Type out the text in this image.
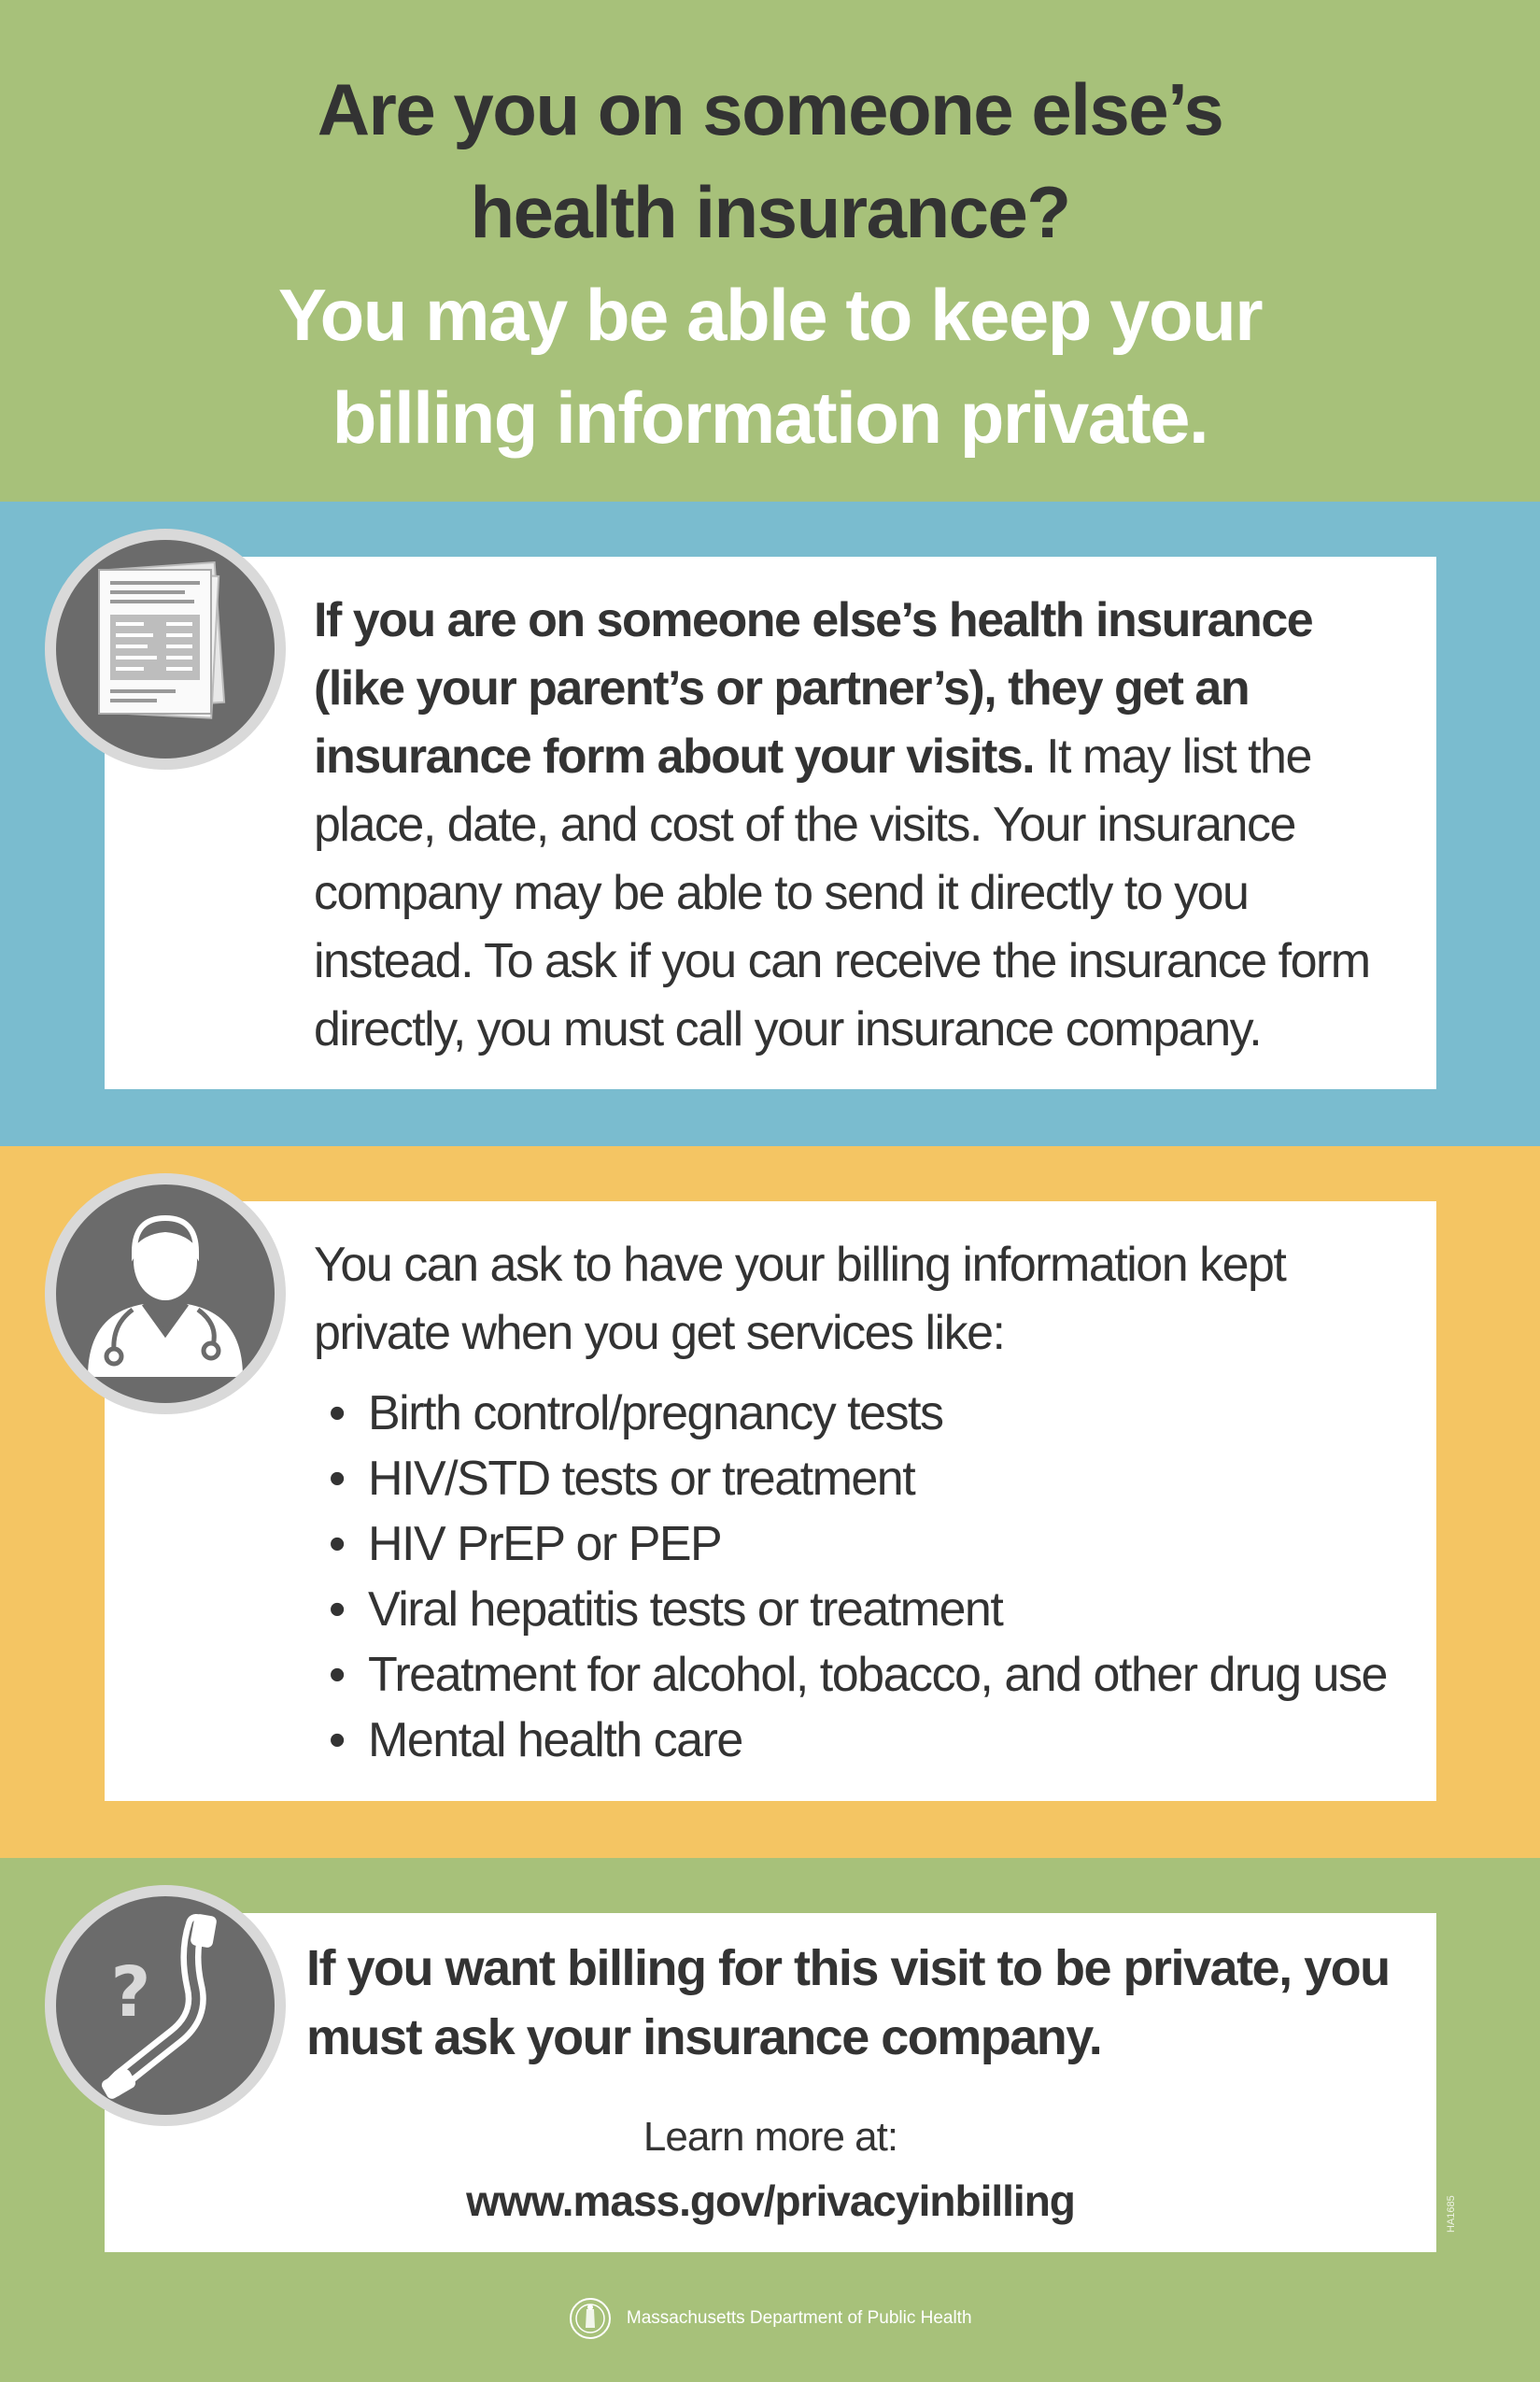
Are you on someone else’s
health insurance?
You may be able to keep your
billing information private.

If you are on someone else’s health insurance (like your parent’s or partner’s), they get an insurance form about your visits. It may list the place, date, and cost of the visits. Your insurance company may be able to send it directly to you instead. To ask if you can receive the insurance form directly, you must call your insurance company.

You can ask to have your billing information kept private when you get services like:

• Birth control/pregnancy tests
• HIV/STD tests or treatment
• HIV PrEP or PEP
• Viral hepatitis tests or treatment
• Treatment for alcohol, tobacco, and other drug use
• Mental health care
?	If you want billing for this visit to be private, you must ask your insurance company.

Learn more at:
www.mass.gov/privacyinbilling	HA1685
Massachusetts Department of Public Health
